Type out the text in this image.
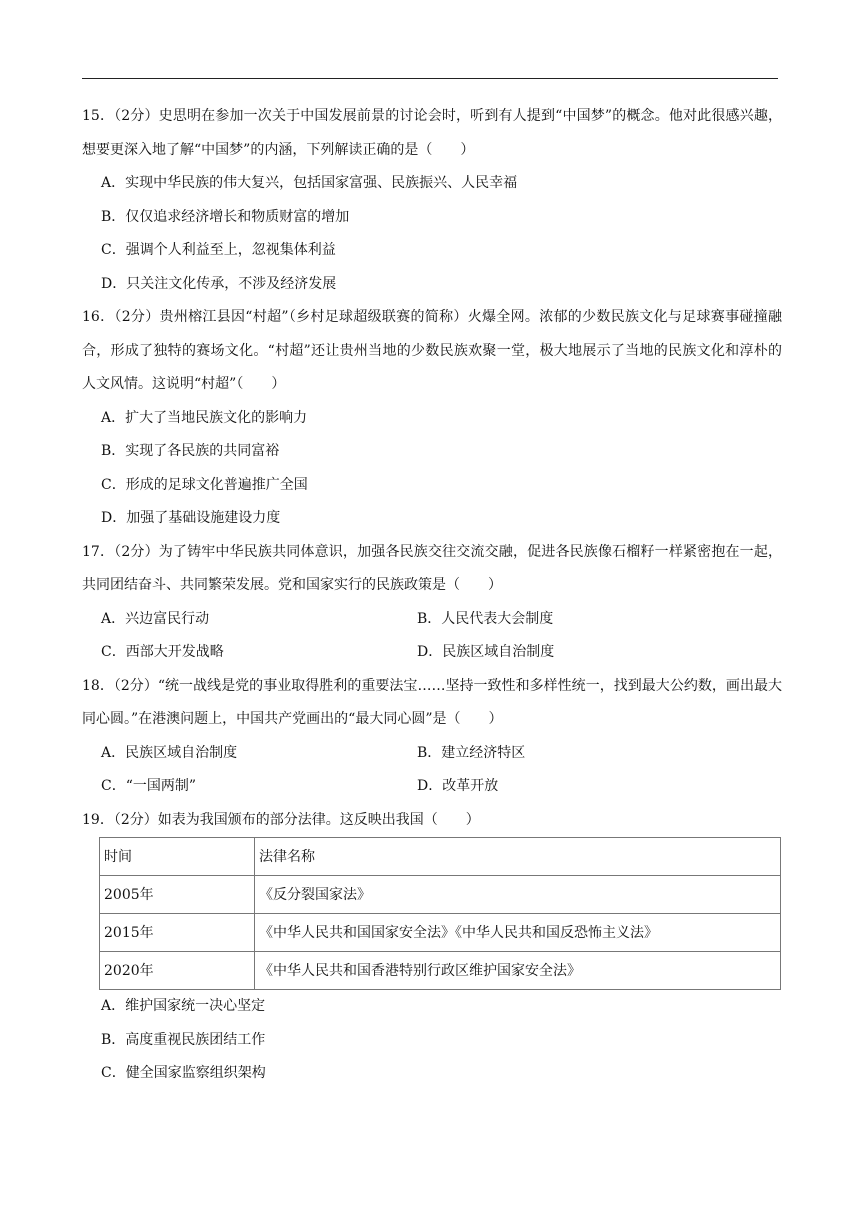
15．（2分）史思明在参加一次关于中国发展前景的讨论会时，听到有人提到“中国梦”的概念。他对此很感兴趣，想要更深入地了解“中国梦”的内涵，下列解读正确的是（　　）

A．实现中华民族的伟大复兴，包括国家富强、民族振兴、人民幸福

B．仅仅追求经济增长和物质财富的增加

C．强调个人利益至上，忽视集体利益

D．只关注文化传承，不涉及经济发展

16．（2分）贵州榕江县因“村超”（乡村足球超级联赛的简称）火爆全网。浓郁的少数民族文化与足球赛事碰撞融合，形成了独特的赛场文化。“村超”还让贵州当地的少数民族欢聚一堂，极大地展示了当地的民族文化和淳朴的人文风情。这说明“村超”（　　）

A．扩大了当地民族文化的影响力

B．实现了各民族的共同富裕

C．形成的足球文化普遍推广全国

D．加强了基础设施建设力度

17．（2分）为了铸牢中华民族共同体意识，加强各民族交往交流交融，促进各民族像石榴籽一样紧密抱在一起，共同团结奋斗、共同繁荣发展。党和国家实行的民族政策是（　　）

A．兴边富民行动	B．人民代表大会制度

C．西部大开发战略	D．民族区域自治制度

18．（2分）“统一战线是党的事业取得胜利的重要法宝……坚持一致性和多样性统一，找到最大公约数，画出最大同心圆。”在港澳问题上，中国共产党画出的“最大同心圆”是（　　）

A．民族区域自治制度	B．建立经济特区

C．“一国两制”	D．改革开放

19．（2分）如表为我国颁布的部分法律。这反映出我国（　　）

时间	法律名称
2005年	《反分裂国家法》
2015年	《中华人民共和国国家安全法》《中华人民共和国反恐怖主义法》
2020年	《中华人民共和国香港特别行政区维护国家安全法》

A．维护国家统一决心坚定

B．高度重视民族团结工作

C．健全国家监察组织架构
